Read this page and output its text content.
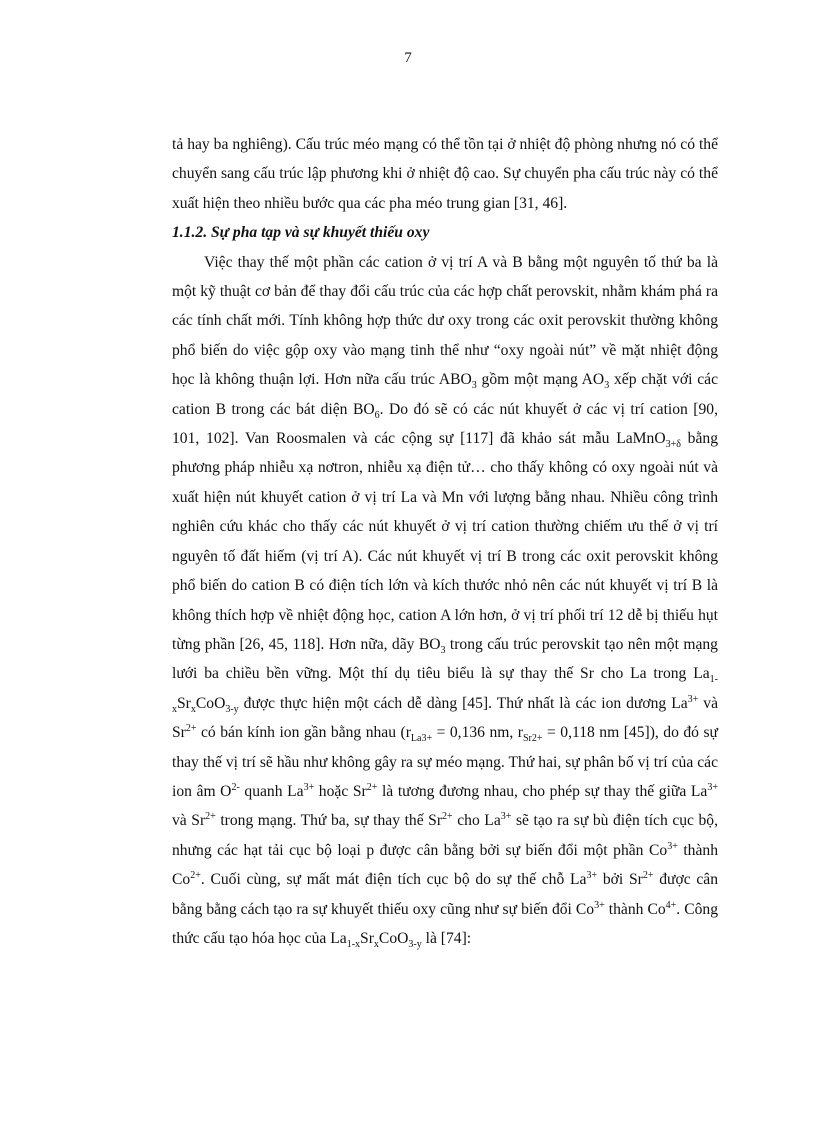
7

tả hay ba nghiêng). Cấu trúc méo mạng có thể tồn tại ở nhiệt độ phòng nhưng nó có thể chuyển sang cấu trúc lập phương khi ở nhiệt độ cao. Sự chuyển pha cấu trúc này có thể xuất hiện theo nhiều bước qua các pha méo trung gian [31, 46].

1.1.2. Sự pha tạp và sự khuyết thiếu oxy

Việc thay thế một phần các cation ở vị trí A và B bằng một nguyên tố thứ ba là một kỹ thuật cơ bản để thay đổi cấu trúc của các hợp chất perovskit, nhằm khám phá ra các tính chất mới. Tính không hợp thức dư oxy trong các oxit perovskit thường không phổ biến do việc gộp oxy vào mạng tinh thể như “oxy ngoài nút” về mặt nhiệt động học là không thuận lợi. Hơn nữa cấu trúc $ABO_3$ gồm một mạng $AO_3$ xếp chặt với các cation B trong các bát diện $BO_6$. Do đó sẽ có các nút khuyết ở các vị trí cation [90, 101, 102]. Van Roosmalen và các cộng sự [117] đã khảo sát mẫu LaMnO$_{3+\delta}$ bằng phương pháp nhiễu xạ nơtron, nhiễu xạ điện tử… cho thấy không có oxy ngoài nút và xuất hiện nút khuyết cation ở vị trí La và Mn với lượng bằng nhau. Nhiều công trình nghiên cứu khác cho thấy các nút khuyết ở vị trí cation thường chiếm ưu thế ở vị trí nguyên tố đất hiếm (vị trí A). Các nút khuyết vị trí B trong các oxit perovskit không phổ biến do cation B có điện tích lớn và kích thước nhỏ nên các nút khuyết vị trí B là không thích hợp về nhiệt động học, cation A lớn hơn, ở vị trí phối trí 12 dễ bị thiếu hụt từng phần [26, 45, 118]. Hơn nữa, dãy $BO_3$ trong cấu trúc perovskit tạo nên một mạng lưới ba chiều bền vững. Một thí dụ tiêu biểu là sự thay thế Sr cho La trong $La_{1-x}Sr_xCoO_{3-y}$ được thực hiện một cách dễ dàng [45]. Thứ nhất là các ion dương $La^{3+}$ và $Sr^{2+}$ có bán kính ion gần bằng nhau ($r_{La3+} = 0,136$ nm, $r_{Sr2+} = 0,118$ nm [45]), do đó sự thay thế vị trí sẽ hầu như không gây ra sự méo mạng. Thứ hai, sự phân bố vị trí của các ion âm $O^{2-}$ quanh $La^{3+}$ hoặc $Sr^{2+}$ là tương đương nhau, cho phép sự thay thế giữa $La^{3+}$ và $Sr^{2+}$ trong mạng. Thứ ba, sự thay thế $Sr^{2+}$ cho $La^{3+}$ sẽ tạo ra sự bù điện tích cục bộ, nhưng các hạt tải cục bộ loại p được cân bằng bởi sự biến đổi một phần $Co^{3+}$ thành $Co^{2+}$. Cuối cùng, sự mất mát điện tích cục bộ do sự thế chỗ $La^{3+}$ bởi $Sr^{2+}$ được cân bằng bằng cách tạo ra sự khuyết thiếu oxy cũng như sự biến đổi $Co^{3+}$ thành $Co^{4+}$. Công thức cấu tạo hóa học của $La_{1-x}Sr_xCoO_{3-y}$ là [74]:
